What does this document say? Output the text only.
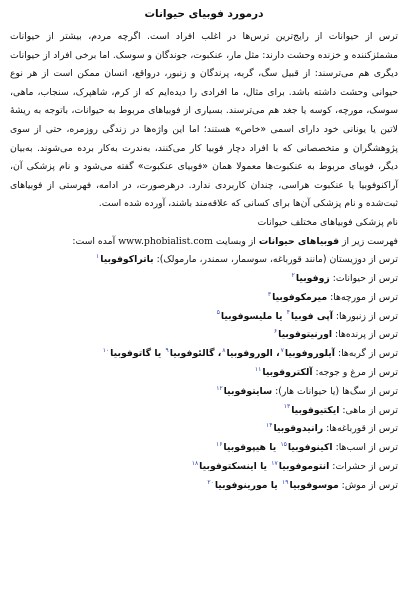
درمورد فوبیای حیوانات

ترس از حیوانات از رایج‌ترین ترس‌ها در اغلب افراد است. اگرچه مردم، بیشتر از حیوانات مشمئزکننده و خزنده وحشت دارند: مثل مار، عنکبوت، جوندگان و سوسک. اما برخی افراد از حیوانات دیگری هم می‌ترسند: از قبیل سگ، گربه، پرندگان و زنبور، درواقع، انسان ممکن است از هر نوع حیوانی وحشت داشته باشد. برای مثال، ما افرادی را دیده‌ایم که از کرم، شاهپرک، سنجاب، ماهی، سوسک، مورچه، کوسه یا جغد هم می‌ترسند. بسیاری از فوبیاهای مربوط به حیوانات، باتوجه به ریشهٔ لاتین یا یونانی خود دارای اسمی «خاص» هستند؛ اما این واژه‌ها در زندگی روزمره، حتی از سوی پژوهشگران و متخصصانی که با افراد دچار فوبیا کار می‌کنند، به‌ندرت به‌کار برده می‌شوند. به‌بیان دیگر، فوبیای مربوط به عنکبوت‌ها معمولا همان «فوبیای عنکبوت» گفته می‌شود و نام پزشکی آن، آراکنوفوبیا یا عنکبوت هراسی، چندان کاربردی ندارد. درهرصورت، در ادامه، فهرستی از فوبیاهای ثبت‌شده و نام پزشکی آن‌ها برای کسانی که علاقه‌مند باشند، آورده شده است.

نام پزشکی فوبیاهای مختلف حیوانات

فهرست زیر از فوبیاهای حیوانات از وبسایت www.phobialist.com آمده است:

ترس از دوزیستان (مانند قورباغه، سوسمار، سمندر، مارمولک): باتراکوفوبیا$^۱$
ترس از حیوانات: زوفوبیا$^۲$
ترس از مورچه‌ها: میرمکوفوبیا$^۳$
ترس از زنبورها: آپی فوبیا$^۴$ یا ملیسوفوبیا$^۵$
ترس از پرنده‌ها: اورنیتوفوبیا$^۶$
ترس از گربه‌ها: آیلوروفوبیا$^۷$، الوروفوبیا$^۸$، گالئوفوبیا$^۹$ یا گاتوفوبیا$^{۱۰}$
ترس از مرغ و جوجه: آلکتروفوبیا$^{۱۱}$
ترس از سگ‌ها (یا حیوانات هار): سایتوفوبیا$^{۱۲}$
ترس از ماهی: ایکتیوفوبیا$^{۱۳}$
ترس از قورباغه‌ها: رانیدوفوبیا$^{۱۴}$
ترس از اسب‌ها: اکینوفوبیا$^{۱۵}$ یا هیپوفوبیا$^{۱۶}$
ترس از حشرات: انتوموفوبیا$^{۱۷}$ یا اینسکتوفوبیا$^{۱۸}$
ترس از موش: موسوفوبیا$^{۱۹}$ یا مورینوفوبیا$^{۲۰}$
